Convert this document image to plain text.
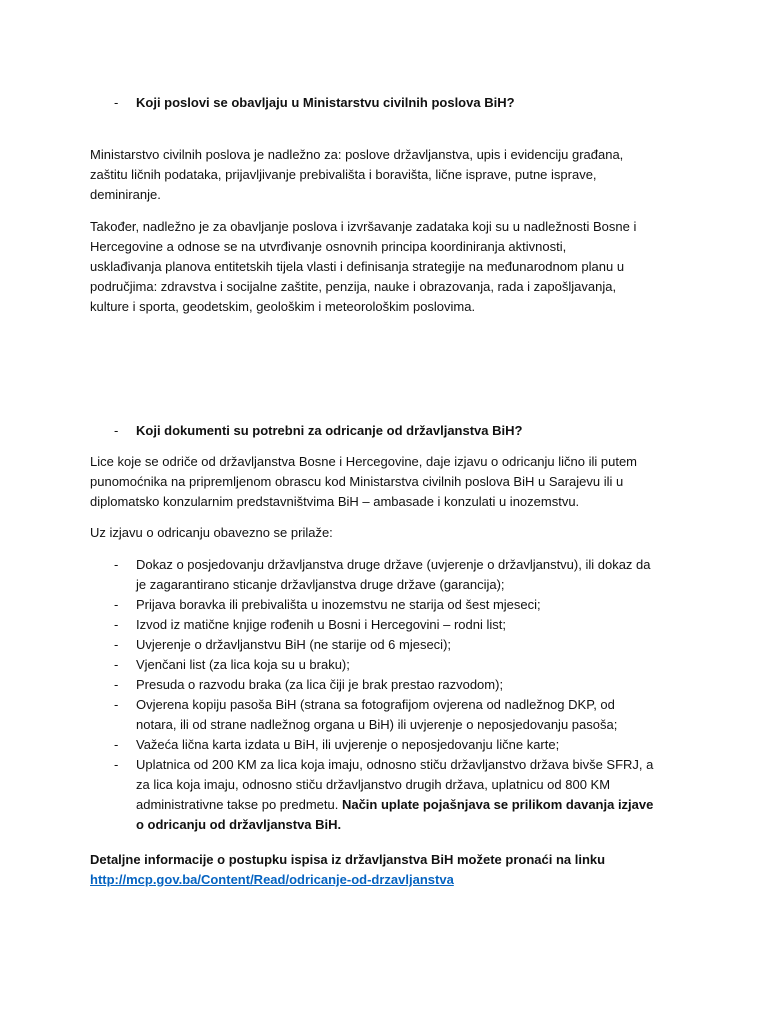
- Koji poslovi se obavljaju u Ministarstvu civilnih poslova BiH?

Ministarstvo civilnih poslova je nadležno za: poslove državljanstva, upis i evidenciju građana,

zaštitu ličnih podataka, prijavljivanje prebivališta i boravišta, lične isprave, putne isprave,

deminiranje.

Također, nadležno je za obavljanje poslova i izvršavanje zadataka koji su u nadležnosti Bosne i

Hercegovine a odnose se na utvrđivanje osnovnih principa koordiniranja aktivnosti,

usklađivanja planova entitetskih tijela vlasti i definisanja strategije na međunarodnom planu u

područjima: zdravstva i socijalne zaštite, penzija, nauke i obrazovanja, rada i zapošljavanja,

kulture i sporta, geodetskim, geološkim i meteorološkim poslovima.

- Koji dokumenti su potrebni za odricanje od državljanstva BiH?

Lice koje se odriče od državljanstva Bosne i Hercegovine, daje izjavu o odricanju lično ili putem

punomoćnika na pripremljenom obrascu kod Ministarstva civilnih poslova BiH u Sarajevu ili u

diplomatsko konzularnim predstavništvima BiH – ambasade i konzulati u inozemstvu.

Uz izjavu o odricanju obavezno se prilaže:

- Dokaz o posjedovanju državljanstva druge države (uvjerenje o državljanstvu), ili dokaz da
je zagarantirano sticanje državljanstva druge države (garancija);
- Prijava boravka ili prebivališta u inozemstvu ne starija od šest mjeseci;
- Izvod iz matične knjige rođenih u Bosni i Hercegovini – rodni list;
- Uvjerenje o državljanstvu BiH (ne starije od 6 mjeseci);
- Vjenčani list (za lica koja su u braku);
- Presuda o razvodu braka (za lica čiji je brak prestao razvodom);
- Ovjerena kopiju pasoša BiH (strana sa fotografijom ovjerena od nadležnog DKP, od
notara, ili od strane nadležnog organa u BiH) ili uvjerenje o neposjedovanju pasoša;
- Važeća lična karta izdata u BiH, ili uvjerenje o neposjedovanju lične karte;
- Uplatnica od 200 KM za lica koja imaju, odnosno stiču državljanstvo država bivše SFRJ, a
za lica koja imaju, odnosno stiču državljanstvo drugih država, uplatnicu od 800 KM
administrativne takse po predmetu. Način uplate pojašnjava se prilikom davanja izjave
o odricanju od državljanstva BiH.

Detaljne informacije o postupku ispisa iz državljanstva BiH možete pronaći na linku

http://mcp.gov.ba/Content/Read/odricanje-od-drzavljanstva
